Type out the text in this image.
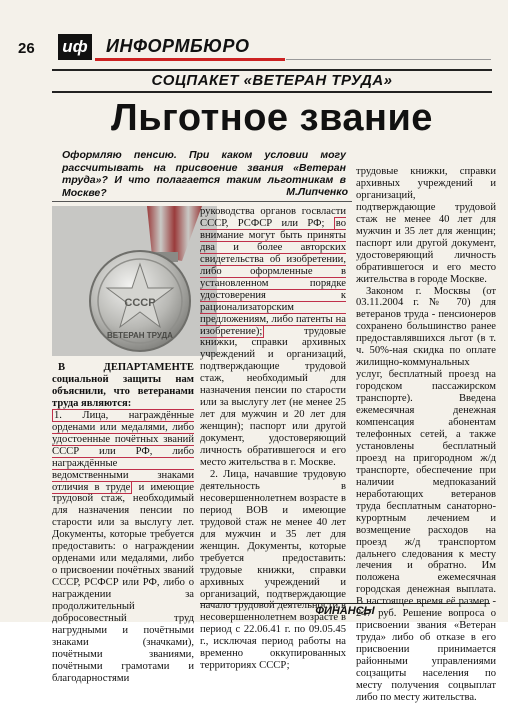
26 иф ИНФОРМБЮРО
СОЦПАКЕТ «ВЕТЕРАН ТРУДА»
Льготное звание
Оформляю пенсию. При каком условии могу рассчитывать на присвоение звания «Ветеран труда»? И что полагается таким льготникам в Москве?	М.Липченко
СССР
ВЕТЕРАН ТРУДА

В ДЕПАРТАМЕНТЕ социальной защиты нам объяснили, что ветеранами труда являются:

1. Лица, награждённые орденами или медалями, либо удостоенные почётных званий СССР или РФ, либо награждённые ведомственными знаками отличия в труде и имеющие трудовой стаж, необходимый для назначения пенсии по старости или за выслугу лет. Документы, которые требуется предоставить: о награждении орденами или медалями, либо о присвоении почётных званий СССР, РСФСР или РФ, либо о награждении за продолжительный добросовестный труд нагрудными и почётными знаками (значками), почётными званиями, почётными грамотами и благодарностями

руководства органов госвласти СССР, РСФСР или РФ; во внимание могут быть приняты два и более авторских свидетельства об изобретении, либо оформленные в установленном порядке удостоверения к рационализаторским предложениям, либо патенты на изобретение);	трудовые книжки, справки архивных учреждений и организаций, подтверждающие трудовой стаж, необходимый для назначения пенсии по старости или за выслугу лет (не менее 25 лет для мужчин и 20 лет для женщин); паспорт или другой документ, удостоверяющий личность обратившегося и его место жительства в г. Москве.

2. Лица, начавшие трудовую деятельность в несовершеннолетнем возрасте в период ВОВ и имеющие трудовой стаж не менее 40 лет для мужчин и 35 лет для женщин. Документы, которые требуется предоставить: трудовые книжки, справки архивных учреждений и организаций, подтверждающие начало трудовой деятельности в несовершеннолетнем возрасте в период с 22.06.41 г. по 09.05.45 г., исключая период работы на временно оккупированных территориях СССР;

трудовые книжки, справки архивных учреждений и организаций, подтверждающие трудовой стаж не менее 40 лет для мужчин и 35 лет для женщин; паспорт или другой документ, удостоверяющий личность обратившегося и его место жительства в городе Москве.

Законом г. Москвы (от 03.11.2004 г. № 70) для ветеранов труда - пенсионеров сохранено большинство ранее предоставлявшихся льгот (в т. ч. 50%-ная скидка по оплате жилищно-коммунальных услуг, бесплатный проезд на городском пассажирском транспорте). Введена ежемесячная денежная компенсация абонентам телефонных сетей, а также установлены бесплатный проезд на пригородном ж/д транспорте, обеспечение при наличии медпоказаний неработающих ветеранов труда бесплатным санаторно-курортным лечением и возмещение расходов на проезд ж/д транспортом дальнего следования к месту лечения и обратно. Им положена ежемесячная городская денежная выплата. В настоящее время её размер - 247 руб. Решение вопроса о присвоении звания «Ветеран труда» либо об отказе в его присвоении принимается районными управлениями соцзащиты населения по месту получения соцвыплат либо по месту жительства.

ФИНАНСЫ
